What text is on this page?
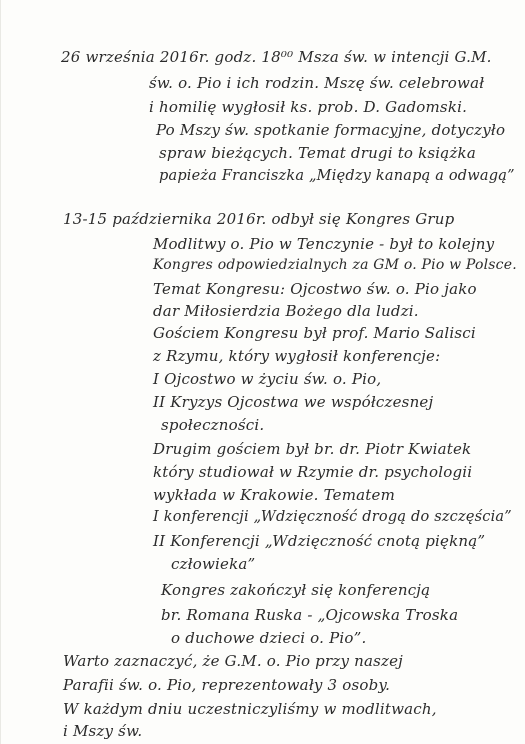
26 września 2016r. godz. 18⁰⁰ Msza św. w intencji G.M.
św. o. Pio i ich rodzin. Mszę św. celebrował
i homilię wygłosił ks. prob. D. Gadomski.
Po Mszy św. spotkanie formacyjne, dotyczyło
spraw bieżących. Temat drugi to książka
papieża Franciszka „Między kanapą a odwagą”
13-15 października 2016r. odbył się Kongres Grup
Modlitwy o. Pio w Tenczynie - był to kolejny
Kongres odpowiedzialnych za GM o. Pio w Polsce.
Temat Kongresu: Ojcostwo św. o. Pio jako
dar Miłosierdzia Bożego dla ludzi.
Gościem Kongresu był prof. Mario Salisci
z Rzymu, który wygłosił konferencje:
I Ojcostwo w życiu św. o. Pio,
II Kryzys Ojcostwa we współczesnej
społeczności.
Drugim gościem był br. dr. Piotr Kwiatek
który studiował w Rzymie dr. psychologii
wykłada w Krakowie. Tematem
I konferencji „Wdzięczność drogą do szczęścia”
II Konferencji „Wdzięczność cnotą piękną”
człowieka”
Kongres zakończył się konferencją
br. Romana Ruska - „Ojcowska Troska
o duchowe dzieci o. Pio”.
Warto zaznaczyć, że G.M. o. Pio przy naszej
Parafii św. o. Pio, reprezentowały 3 osoby.
W każdym dniu uczestniczyliśmy w modlitwach,
i Mszy św.
